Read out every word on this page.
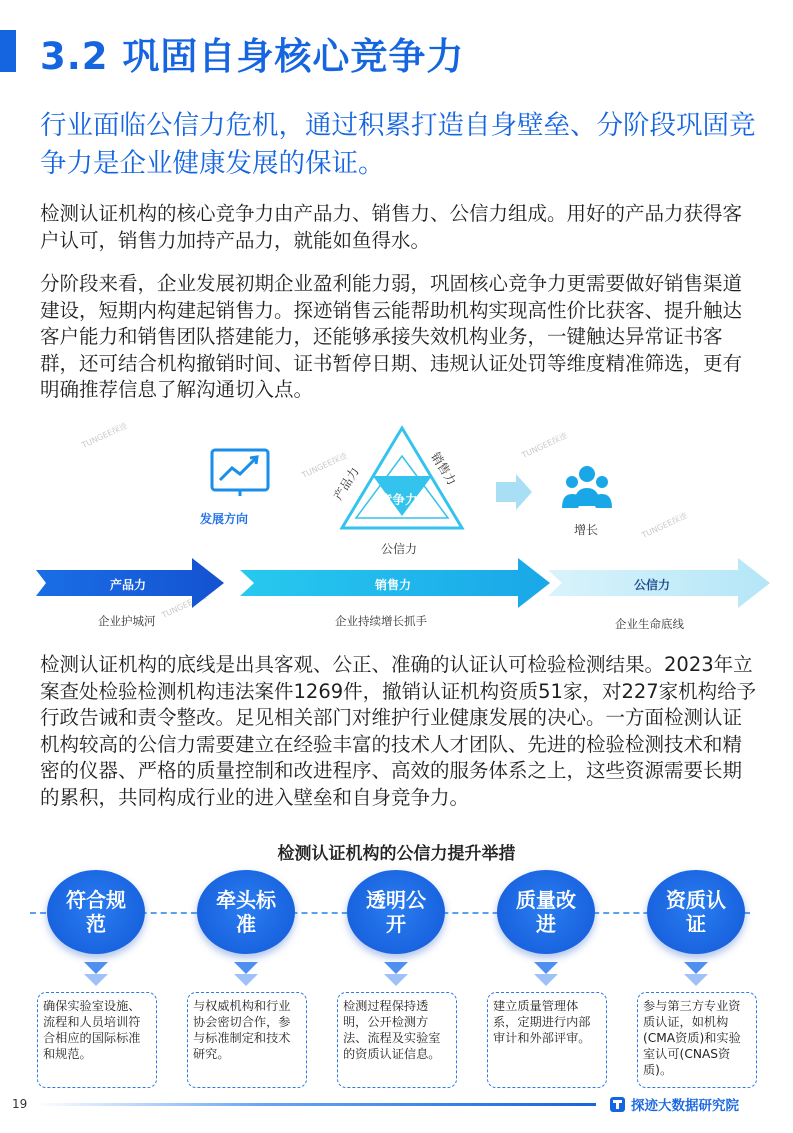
3.2 巩固自身核心竞争力
行业面临公信力危机，通过积累打造自身壁垒、分阶段巩固竞争力是企业健康发展的保证。
检测认证机构的核心竞争力由产品力、销售力、公信力组成。用好的产品力获得客户认可，销售力加持产品力，就能如鱼得水。
分阶段来看，企业发展初期企业盈利能力弱，巩固核心竞争力更需要做好销售渠道建设，短期内构建起销售力。探迹销售云能帮助机构实现高性价比获客、提升触达客户能力和销售团队搭建能力，还能够承接失效机构业务，一键触达异常证书客群，还可结合机构撤销时间、证书暂停日期、违规认证处罚等维度精准筛选，更有明确推荐信息了解沟通切入点。
TUNGEE探迹
TUNGEE探迹
TUNGEE探迹
TUNGEE探迹
TUNGEE探迹
发展方向
竞争力
产品力	销售力
公信力
增长
产品力	销售力	公信力
企业护城河	企业持续增长抓手	企业生命底线
检测认证机构的底线是出具客观、公正、准确的认证认可检验检测结果。2023年立案查处检验检测机构违法案件1269件，撤销认证机构资质51家，对227家机构给予行政告诫和责令整改。足见相关部门对维护行业健康发展的决心。一方面检测认证机构较高的公信力需要建立在经验丰富的技术人才团队、先进的检验检测技术和精密的仪器、严格的质量控制和改进程序、高效的服务体系之上，这些资源需要长期的累积，共同构成行业的进入壁垒和自身竞争力。
检测认证机构的公信力提升举措
符合规范
确保实验室设施、流程和人员培训符合相应的国际标准和规范。
牵头标准
与权威机构和行业协会密切合作，参与标准制定和技术研究。
透明公开
检测过程保持透明，公开检测方法、流程及实验室的资质认证信息。
质量改进
建立质量管理体系，定期进行内部审计和外部评审。
资质认证
参与第三方专业资质认证，如机构(CMA资质)和实验室认可(CNAS资质)。
19	探迹大数据研究院
